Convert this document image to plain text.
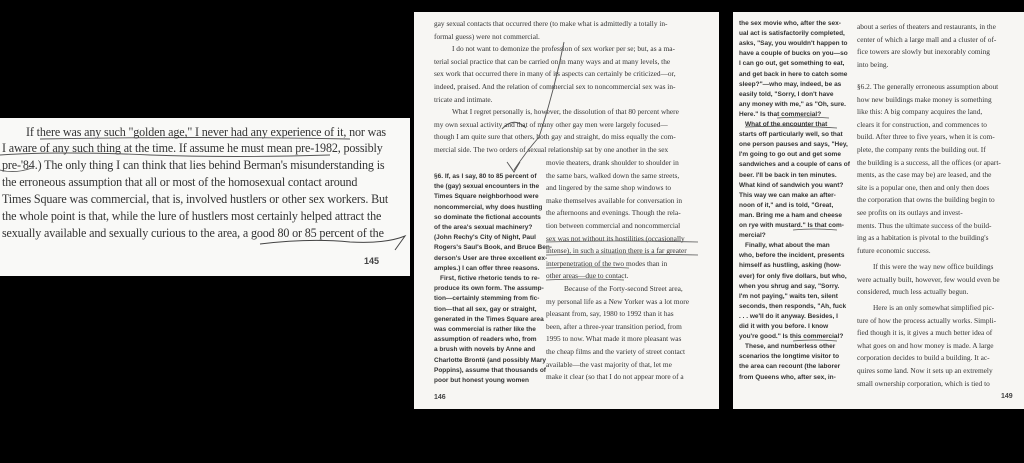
If there was any such "golden age," I never had any experience of it, nor was
I aware of any such thing at the time. If assume he must mean pre-1982, possibly
pre-'84.) The only thing I can think that lies behind Berman's misunderstanding is
the erroneous assumption that all or most of the homosexual contact around
Times Square was commercial, that is, involved hustlers or other sex workers. But
the whole point is that, while the lure of hustlers most certainly helped attract the
sexually available and sexually curious to the area, a good 80 or 85 percent of the
145
gay sexual contacts that occurred there (to make what is admittedly a totally in-
formal guess) were not commercial.
I do not want to demonize the profession of sex worker per se; but, as a ma-
terial social practice that can be carried on in many ways and at many levels, the
sex work that occurred there in many of its aspects can certainly be criticized—or,
indeed, praised. And the relation of commercial sex to noncommercial sex was in-
tricate and intimate.
What I regret personally is, however, the dissolution of that 80 percent where
my own sexual activity and that of many other gay men were largely focused—
though I am quite sure that others, both gay and straight, do miss equally the com-
mercial side. The two orders of sexual relationship sat by one another in the sex
§6. If, as I say, 80 to 85 percent of
the (gay) sexual encounters in the
Times Square neighborhood were
noncommercial, why does hustling
so dominate the fictional accounts
of the area's sexual machinery?
(John Rechy's City of Night, Paul
Rogers's Saul's Book, and Bruce Ben-
derson's User are three excellent ex-
amples.) I can offer three reasons.
First, fictive rhetoric tends to re-
produce its own form. The assump-
tion—certainly stemming from fic-
tion—that all sex, gay or straight,
generated in the Times Square area
was commercial is rather like the
assumption of readers who, from
a brush with novels by Anne and
Charlotte Brontë (and possibly Mary
Poppins), assume that thousands of
poor but honest young women
movie theaters, drank shoulder to shoulder in
the same bars, walked down the same streets,
and lingered by the same shop windows to
make themselves available for conversation in
the afternoons and evenings. Though the rela-
tion between commercial and noncommercial
sex was not without its hostilities (occasionally
intense), in such a situation there is a far greater
interpenetration of the two modes than in
other areas—due to contact.
Because of the Forty-second Street area,
my personal life as a New Yorker was a lot more
pleasant from, say, 1980 to 1992 than it has
been, after a three-year transition period, from
1995 to now. What made it more pleasant was
the cheap films and the variety of street contact
available—the vast majority of that, let me
make it clear (so that I do not appear more of a
146
the sex movie who, after the sex-
ual act is satisfactorily completed,
asks, "Say, you wouldn't happen to
have a couple of bucks on you—so
I can go out, get something to eat,
and get back in here to catch some
sleep?"—who may, indeed, be as
easily told, "Sorry, I don't have
any money with me," as "Oh, sure.
Here." Is that commercial?
What of the encounter that
starts off particularly well, so that
one person pauses and says, "Hey,
I'm going to go out and get some
sandwiches and a couple of cans of
beer. I'll be back in ten minutes.
What kind of sandwich you want?
This way we can make an after-
noon of it," and is told, "Great,
man. Bring me a ham and cheese
on rye with mustard." Is that com-
mercial?
Finally, what about the man
who, before the incident, presents
himself as hustling, asking (how-
ever) for only five dollars, but who,
when you shrug and say, "Sorry.
I'm not paying," waits ten, silent
seconds, then responds, "Ah, fuck
. . . we'll do it anyway. Besides, I
did it with you before. I know
you're good." Is this commercial?
These, and numberless other
scenarios the longtime visitor to
the area can recount (the laborer
from Queens who, after sex, in-
about a series of theaters and restaurants, in the
center of which a large mall and a cluster of of-
fice towers are slowly but inexorably coming
into being.
§6.2. The generally erroneous assumption about
how new buildings make money is something
like this: A big company acquires the land,
clears it for construction, and commences to
build. After three to five years, when it is com-
plete, the company rents the building out. If
the building is a success, all the offices (or apart-
ments, as the case may be) are leased, and the
site is a popular one, then and only then does
the corporation that owns the building begin to
see profits on its outlays and invest-
ments. Thus the ultimate success of the build-
ing as a habitation is pivotal to the building's
future economic success.
If this were the way new office buildings
were actually built, however, few would even be
considered, much less actually begun.
Here is an only somewhat simplified pic-
ture of how the process actually works. Simpli-
fied though it is, it gives a much better idea of
what goes on and how money is made. A large
corporation decides to build a building. It ac-
quires some land. Now it sets up an extremely
small ownership corporation, which is tied to
149
